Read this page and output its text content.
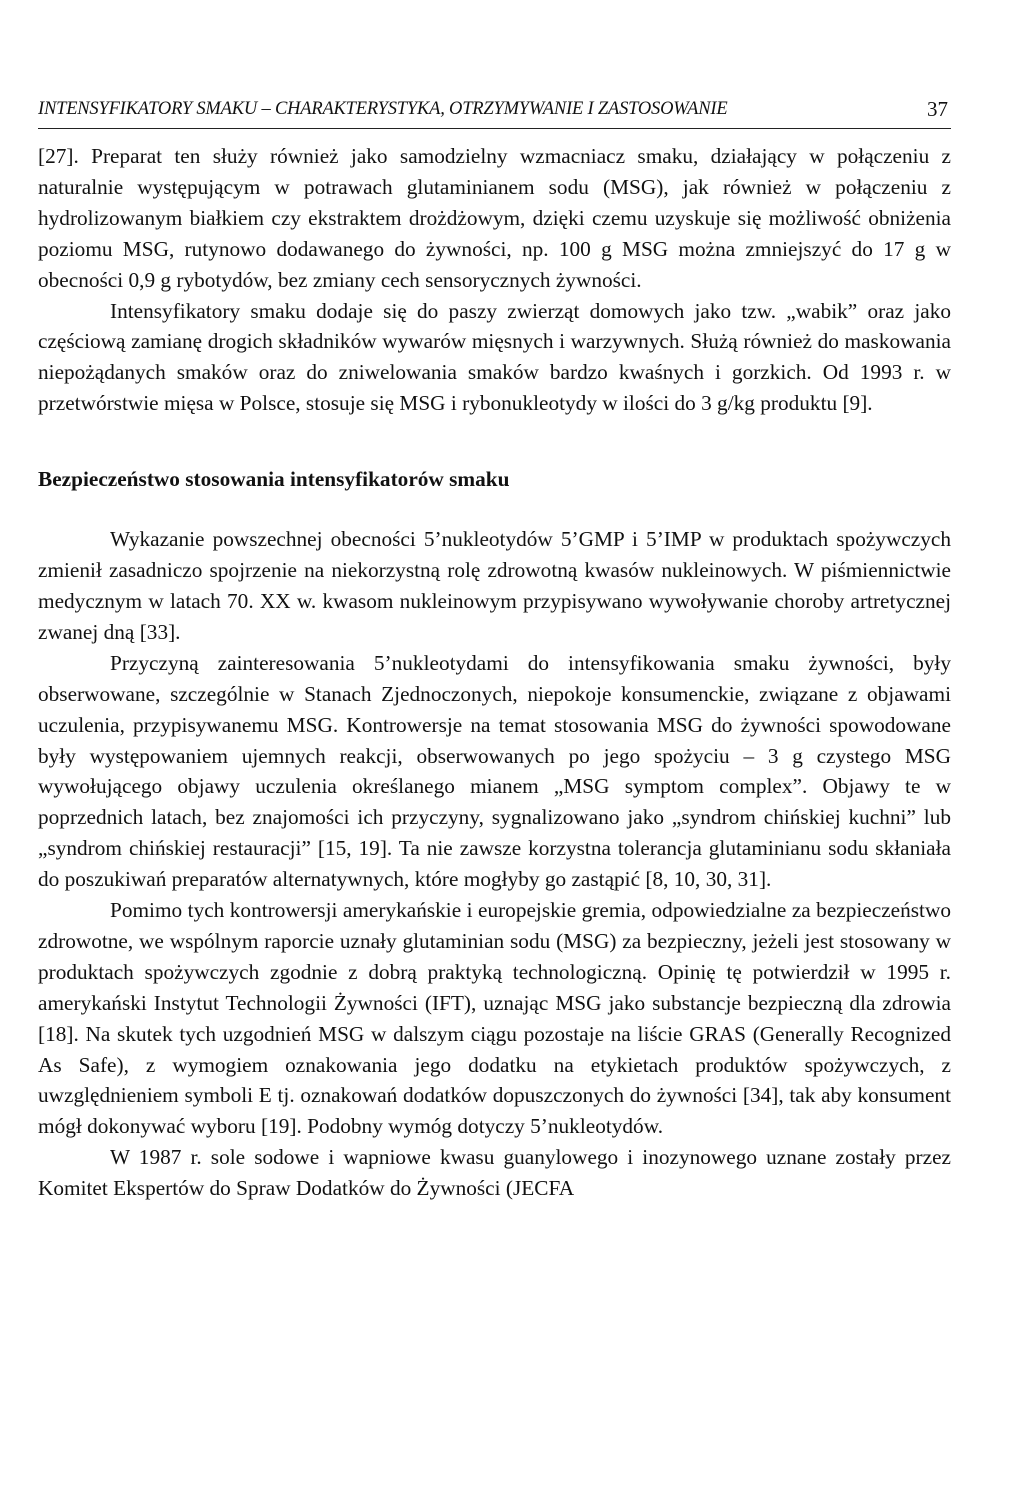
INTENSYFIKATORY SMAKU – CHARAKTERYSTYKA, OTRZYMYWANIE I ZASTOSOWANIE	37

[27]. Preparat ten służy również jako samodzielny wzmacniacz smaku, działający w połączeniu z naturalnie występującym w potrawach glutaminianem sodu (MSG), jak również w połączeniu z hydrolizowanym białkiem czy ekstraktem drożdżowym, dzięki czemu uzyskuje się możliwość obniżenia poziomu MSG, rutynowo dodawanego do żywności, np. 100 g MSG można zmniejszyć do 17 g w obecności 0,9 g rybotydów, bez zmiany cech sensorycznych żywności.

Intensyfikatory smaku dodaje się do paszy zwierząt domowych jako tzw. „wabik” oraz jako częściową zamianę drogich składników wywarów mięsnych i warzywnych. Służą również do maskowania niepożądanych smaków oraz do zniwelowania smaków bardzo kwaśnych i gorzkich. Od 1993 r. w przetwórstwie mięsa w Polsce, stosuje się MSG i rybonukleotydy w ilości do 3 g/kg produktu [9].

Bezpieczeństwo stosowania intensyfikatorów smaku

Wykazanie powszechnej obecności 5’nukleotydów 5’GMP i 5’IMP w produktach spożywczych zmienił zasadniczo spojrzenie na niekorzystną rolę zdrowotną kwasów nukleinowych. W piśmiennictwie medycznym w latach 70. XX w. kwasom nukleinowym przypisywano wywoływanie choroby artretycznej zwanej dną [33].

Przyczyną zainteresowania 5’nukleotydami do intensyfikowania smaku żywności, były obserwowane, szczególnie w Stanach Zjednoczonych, niepokoje konsumenckie, związane z objawami uczulenia, przypisywanemu MSG. Kontrowersje na temat stosowania MSG do żywności spowodowane były występowaniem ujemnych reakcji, obserwowanych po jego spożyciu – 3 g czystego MSG wywołującego objawy uczulenia określanego mianem „MSG symptom complex”. Objawy te w poprzednich latach, bez znajomości ich przyczyny, sygnalizowano jako „syndrom chińskiej kuchni” lub „syndrom chińskiej restauracji” [15, 19]. Ta nie zawsze korzystna tolerancja glutaminianu sodu skłaniała do poszukiwań preparatów alternatywnych, które mogłyby go zastąpić [8, 10, 30, 31].

Pomimo tych kontrowersji amerykańskie i europejskie gremia, odpowiedzialne za bezpieczeństwo zdrowotne, we wspólnym raporcie uznały glutaminian sodu (MSG) za bezpieczny, jeżeli jest stosowany w produktach spożywczych zgodnie z dobrą praktyką technologiczną. Opinię tę potwierdził w 1995 r. amerykański Instytut Technologii Żywności (IFT), uznając MSG jako substancje bezpieczną dla zdrowia [18]. Na skutek tych uzgodnień MSG w dalszym ciągu pozostaje na liście GRAS (Generally Recognized As Safe), z wymogiem oznakowania jego dodatku na etykietach produktów spożywczych, z uwzględnieniem symboli E tj. oznakowań dodatków dopuszczonych do żywności [34], tak aby konsument mógł dokonywać wyboru [19]. Podobny wymóg dotyczy 5’nukleotydów.

W 1987 r. sole sodowe i wapniowe kwasu guanylowego i inozynowego uznane zostały przez Komitet Ekspertów do Spraw Dodatków do Żywności (JECFA
